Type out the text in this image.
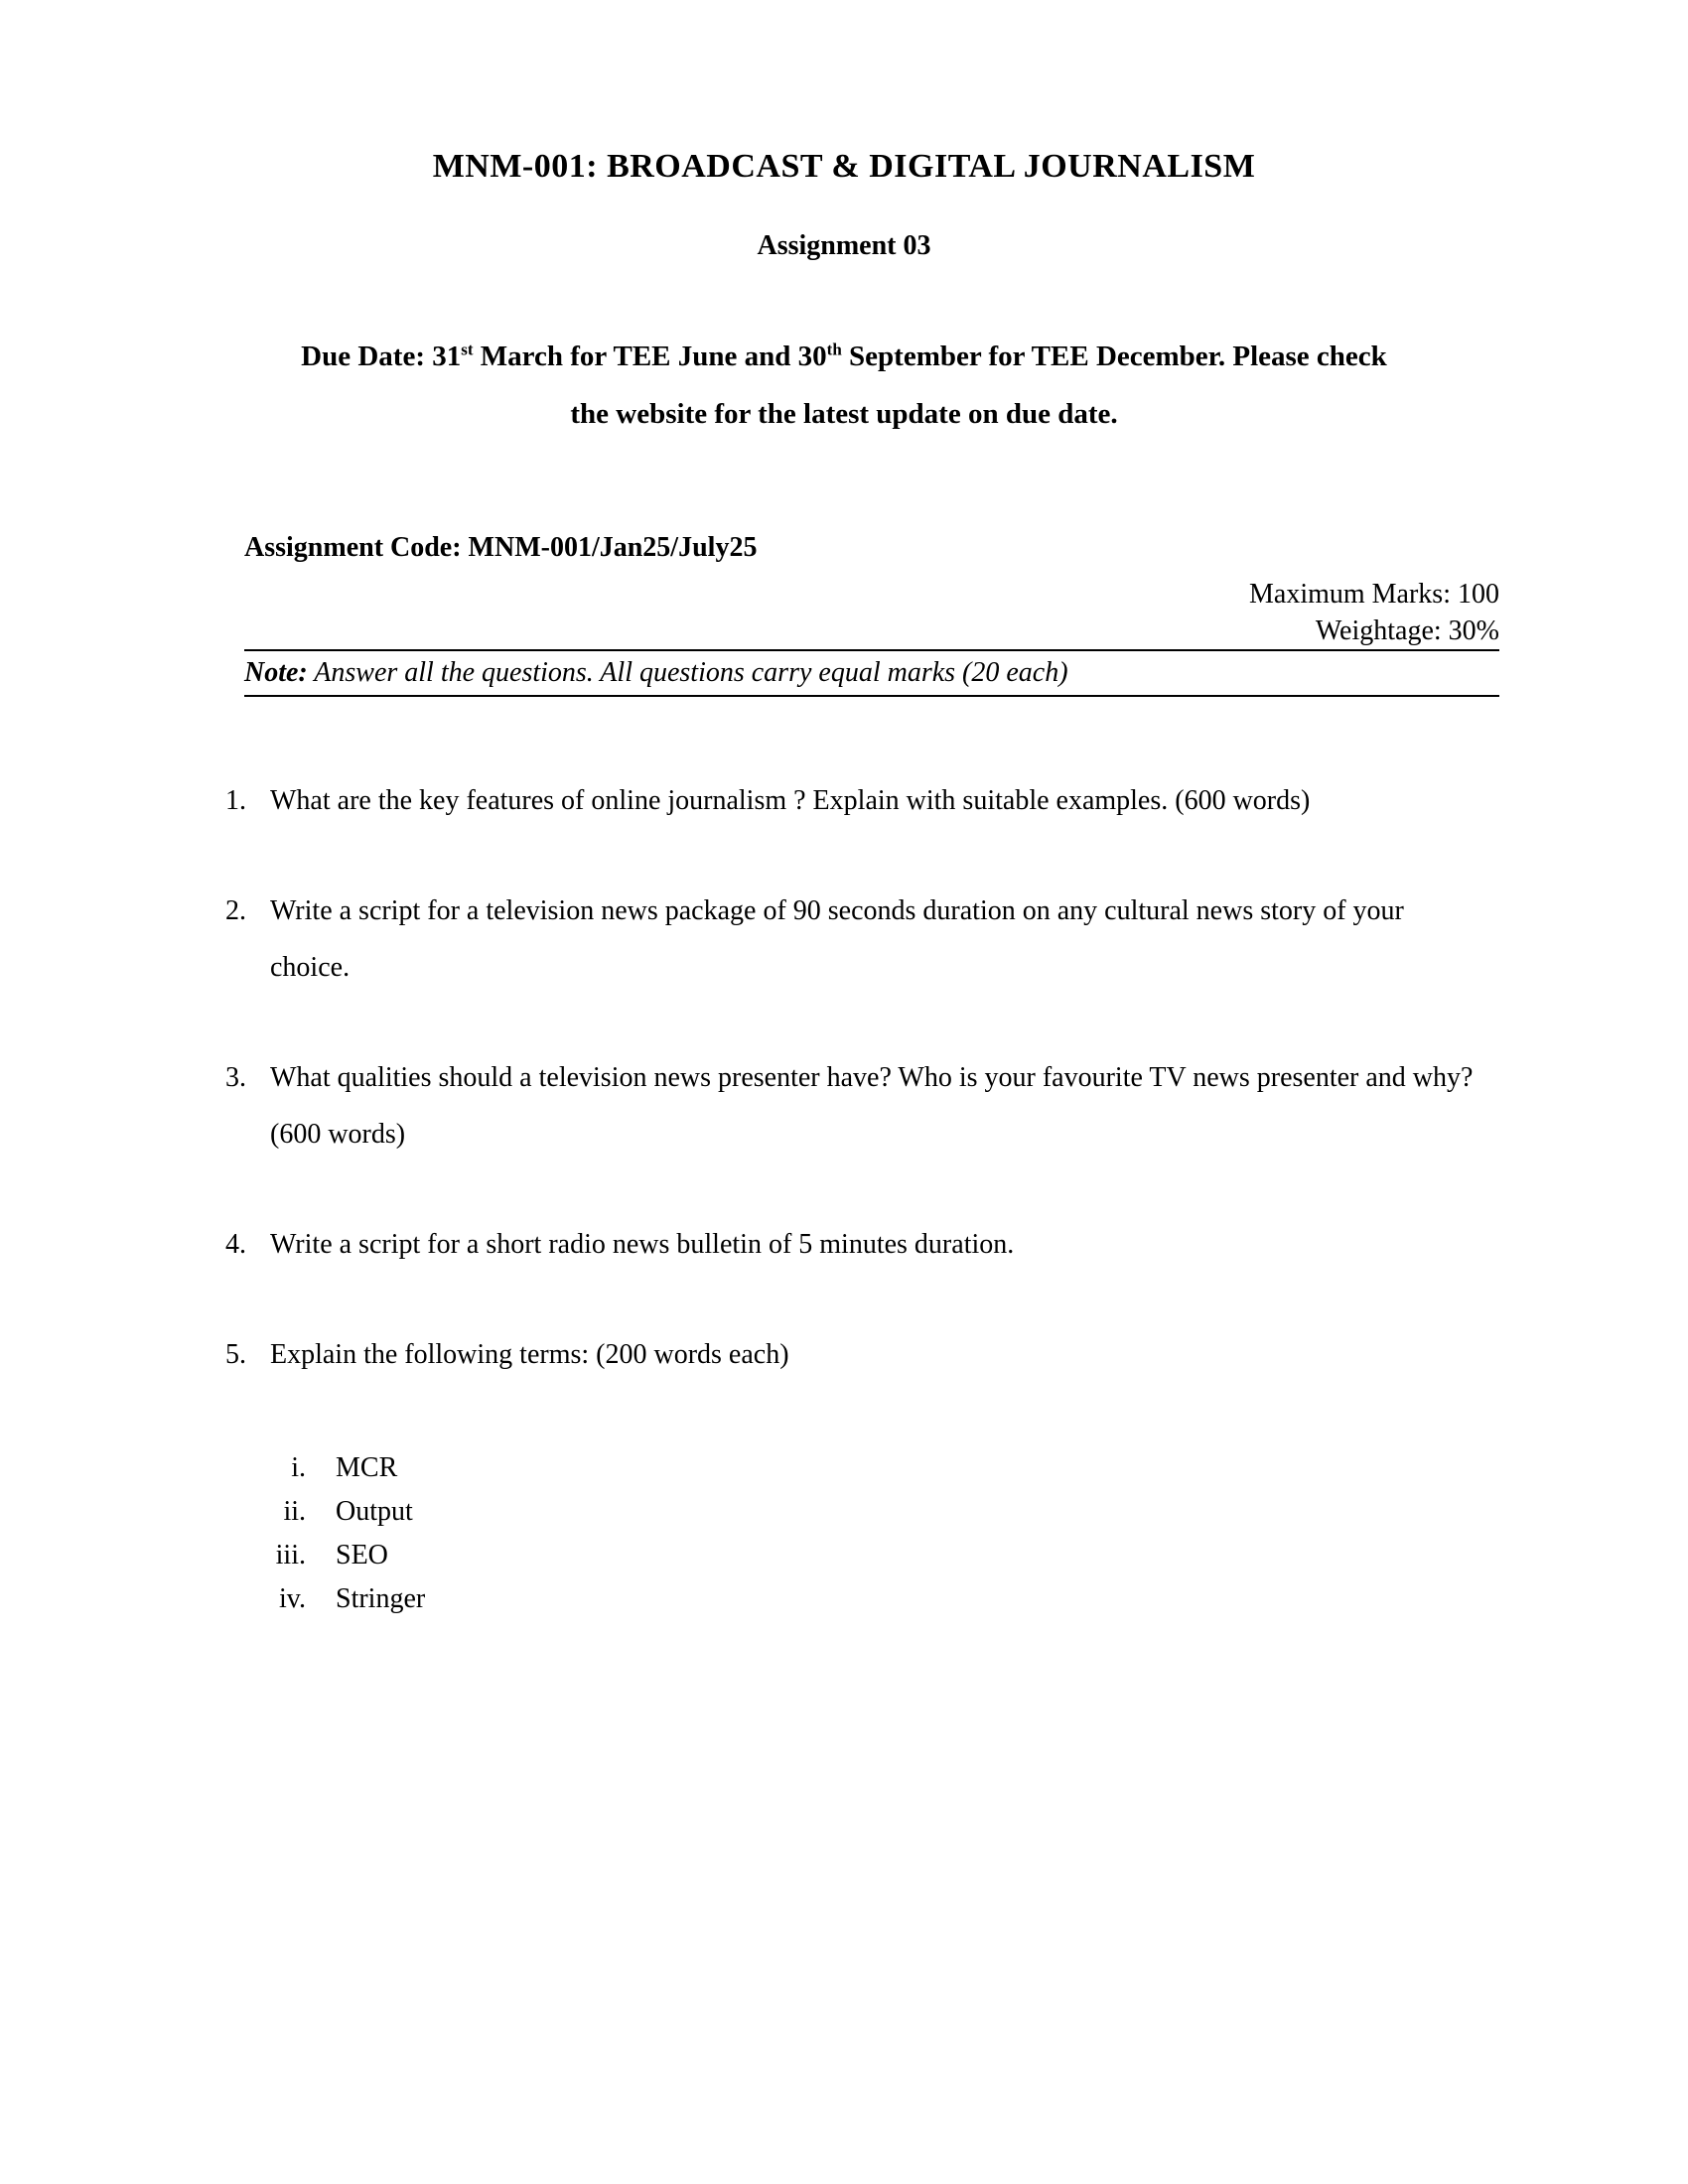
MNM-001: BROADCAST & DIGITAL JOURNALISM
Assignment 03

Due Date: 31st March for TEE June and 30th September for TEE December. Please check
the website for the latest update on due date.

Assignment Code: MNM-001/Jan25/July25
Maximum Marks: 100
Weightage: 30%
Note: Answer all the questions. All questions carry equal marks (20 each)
1. What are the key features of online journalism ? Explain with suitable examples. (600 words)
2. Write a script for a television news package of 90 seconds duration on any cultural news story of your choice.
3. What qualities should a television news presenter have? Who is your favourite TV news presenter and why? (600 words)
4. Write a script for a short radio news bulletin of 5 minutes duration.
5. Explain the following terms: (200 words each)
i. MCR
ii. Output
iii. SEO
iv. Stringer
